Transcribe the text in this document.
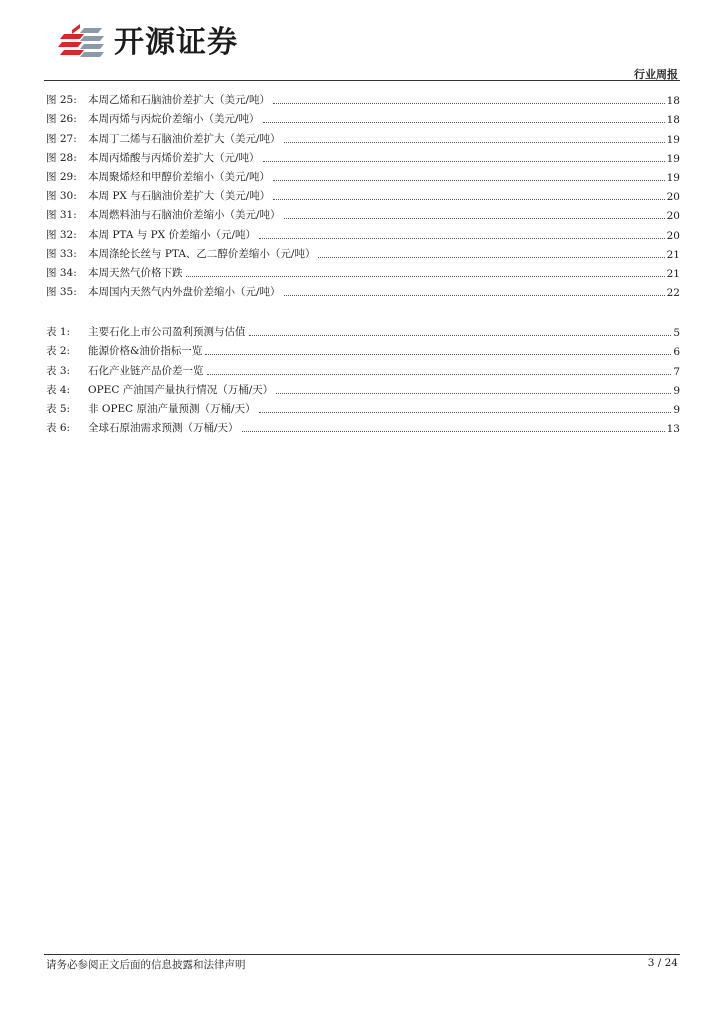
开源证券
行业周报
图 25:	本周乙烯和石脑油价差扩大（美元/吨）	18
图 26:	本周丙烯与丙烷价差缩小（美元/吨）	18
图 27:	本周丁二烯与石脑油价差扩大（美元/吨）	19
图 28:	本周丙烯酸与丙烯价差扩大（元/吨）	19
图 29:	本周聚烯烃和甲醇价差缩小（美元/吨）	19
图 30:	本周 PX 与石脑油价差扩大（美元/吨）	20
图 31:	本周燃料油与石脑油价差缩小（美元/吨）	20
图 32:	本周 PTA 与 PX 价差缩小（元/吨）	20
图 33:	本周涤纶长丝与 PTA、乙二醇价差缩小（元/吨）	21
图 34:	本周天然气价格下跌	21
图 35:	本周国内天然气内外盘价差缩小（元/吨）	22
表 1:	主要石化上市公司盈利预测与估值	5
表 2:	能源价格&油价指标一览	6
表 3:	石化产业链产品价差一览	7
表 4:	OPEC 产油国产量执行情况（万桶/天）	9
表 5:	非 OPEC 原油产量预测（万桶/天）	9
表 6:	全球石原油需求预测（万桶/天）	13
请务必参阅正文后面的信息披露和法律声明	3 / 24
